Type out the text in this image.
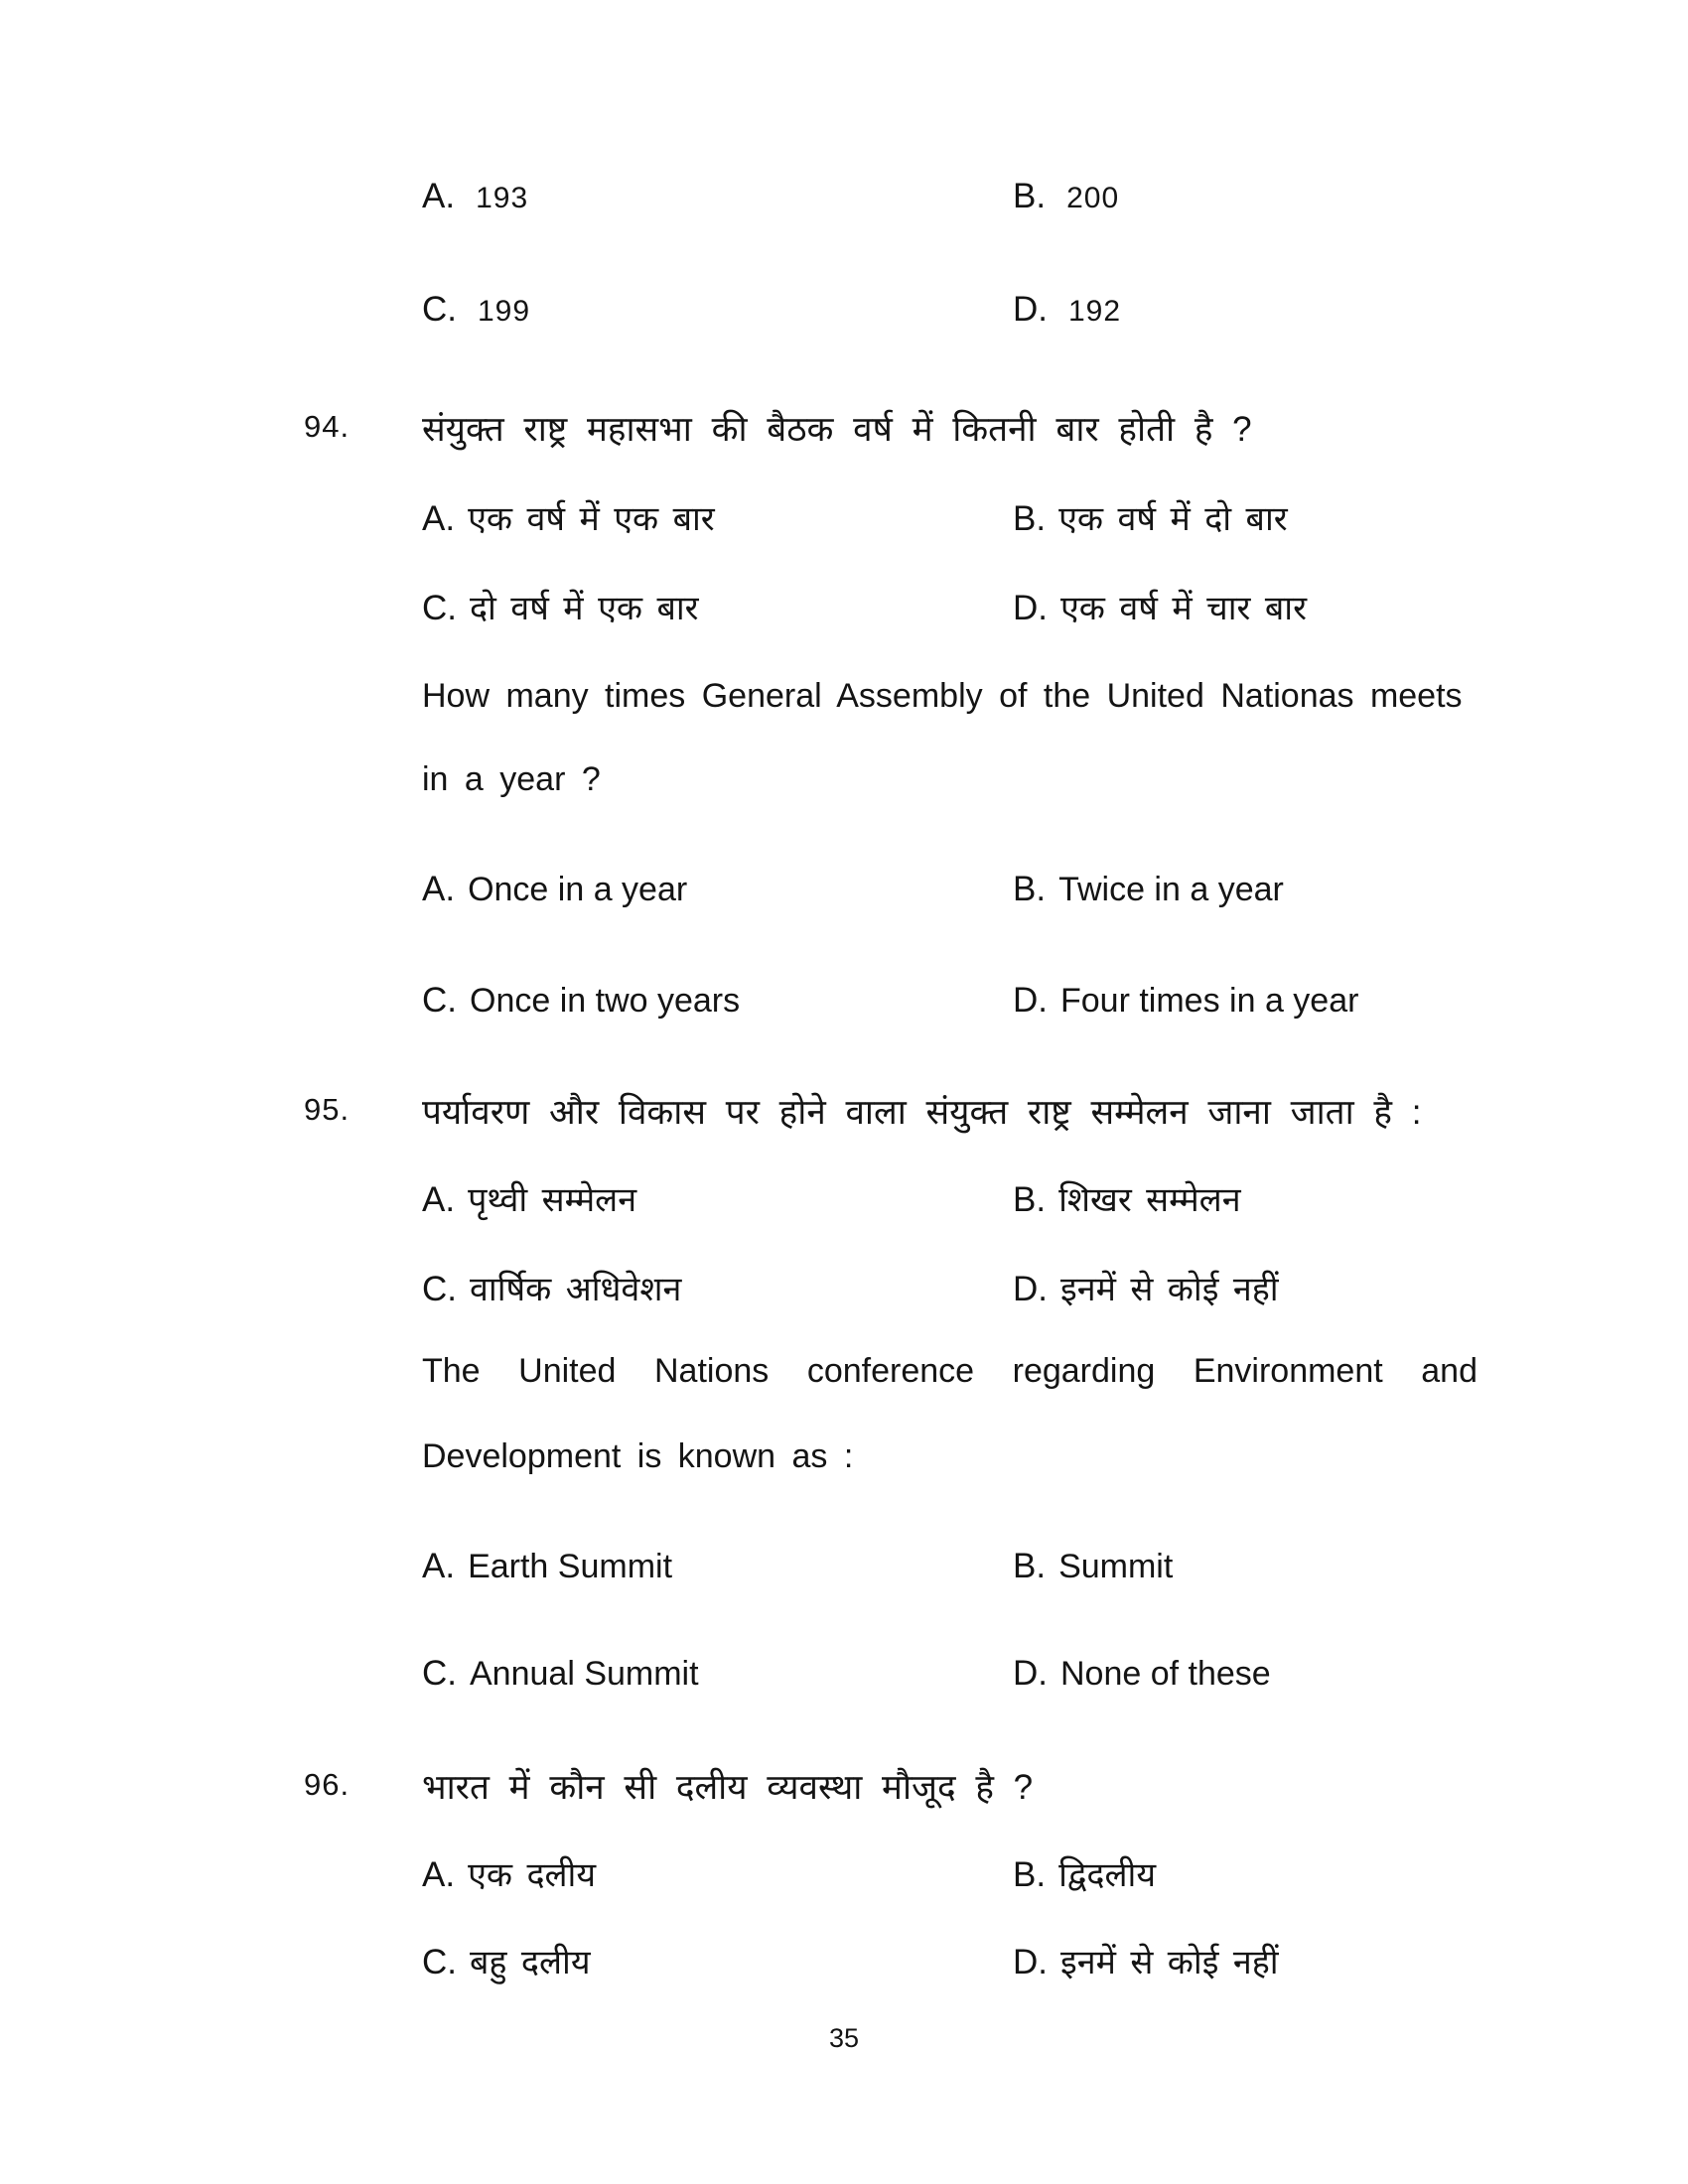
A. 193	B. 200
C. 199	D. 192
94.	संयुक्त राष्ट्र महासभा की बैठक वर्ष में कितनी बार होती है ?
A. एक वर्ष में एक बार	B. एक वर्ष में दो बार
C. दो वर्ष में एक बार	D. एक वर्ष में चार बार
How many times General Assembly of the United Nationas meets
in a year ?
A. Once in a year	B. Twice in a year
C. Once in two years	D. Four times in a year
95.	पर्यावरण और विकास पर होने वाला संयुक्त राष्ट्र सम्मेलन जाना जाता है :
A. पृथ्वी सम्मेलन	B. शिखर सम्मेलन
C. वार्षिक अधिवेशन	D. इनमें से कोई नहीं
The United Nations conference regarding Environment and
Development is known as :
A. Earth Summit	B. Summit
C. Annual Summit	D. None of these
96.	भारत में कौन सी दलीय व्यवस्था मौजूद है ?
A. एक दलीय	B. द्विदलीय
C. बहु दलीय	D. इनमें से कोई नहीं
35
